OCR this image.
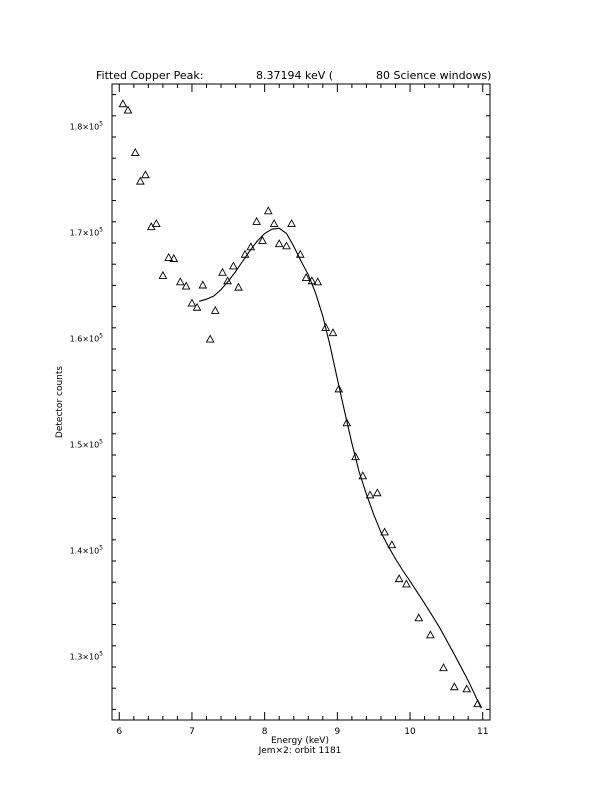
Fitted Copper Peak:	8.37194 keV (	80 Science windows)
6	7	8	9	10	11
$1.3\times 10^5$
$1.4\times 10^5$
$1.5\times 10^5$
$1.6\times 10^5$
$1.7\times 10^5$
$1.8\times 10^5$
Energy (keV)
Jem×2: orbit 1181
Detector counts
